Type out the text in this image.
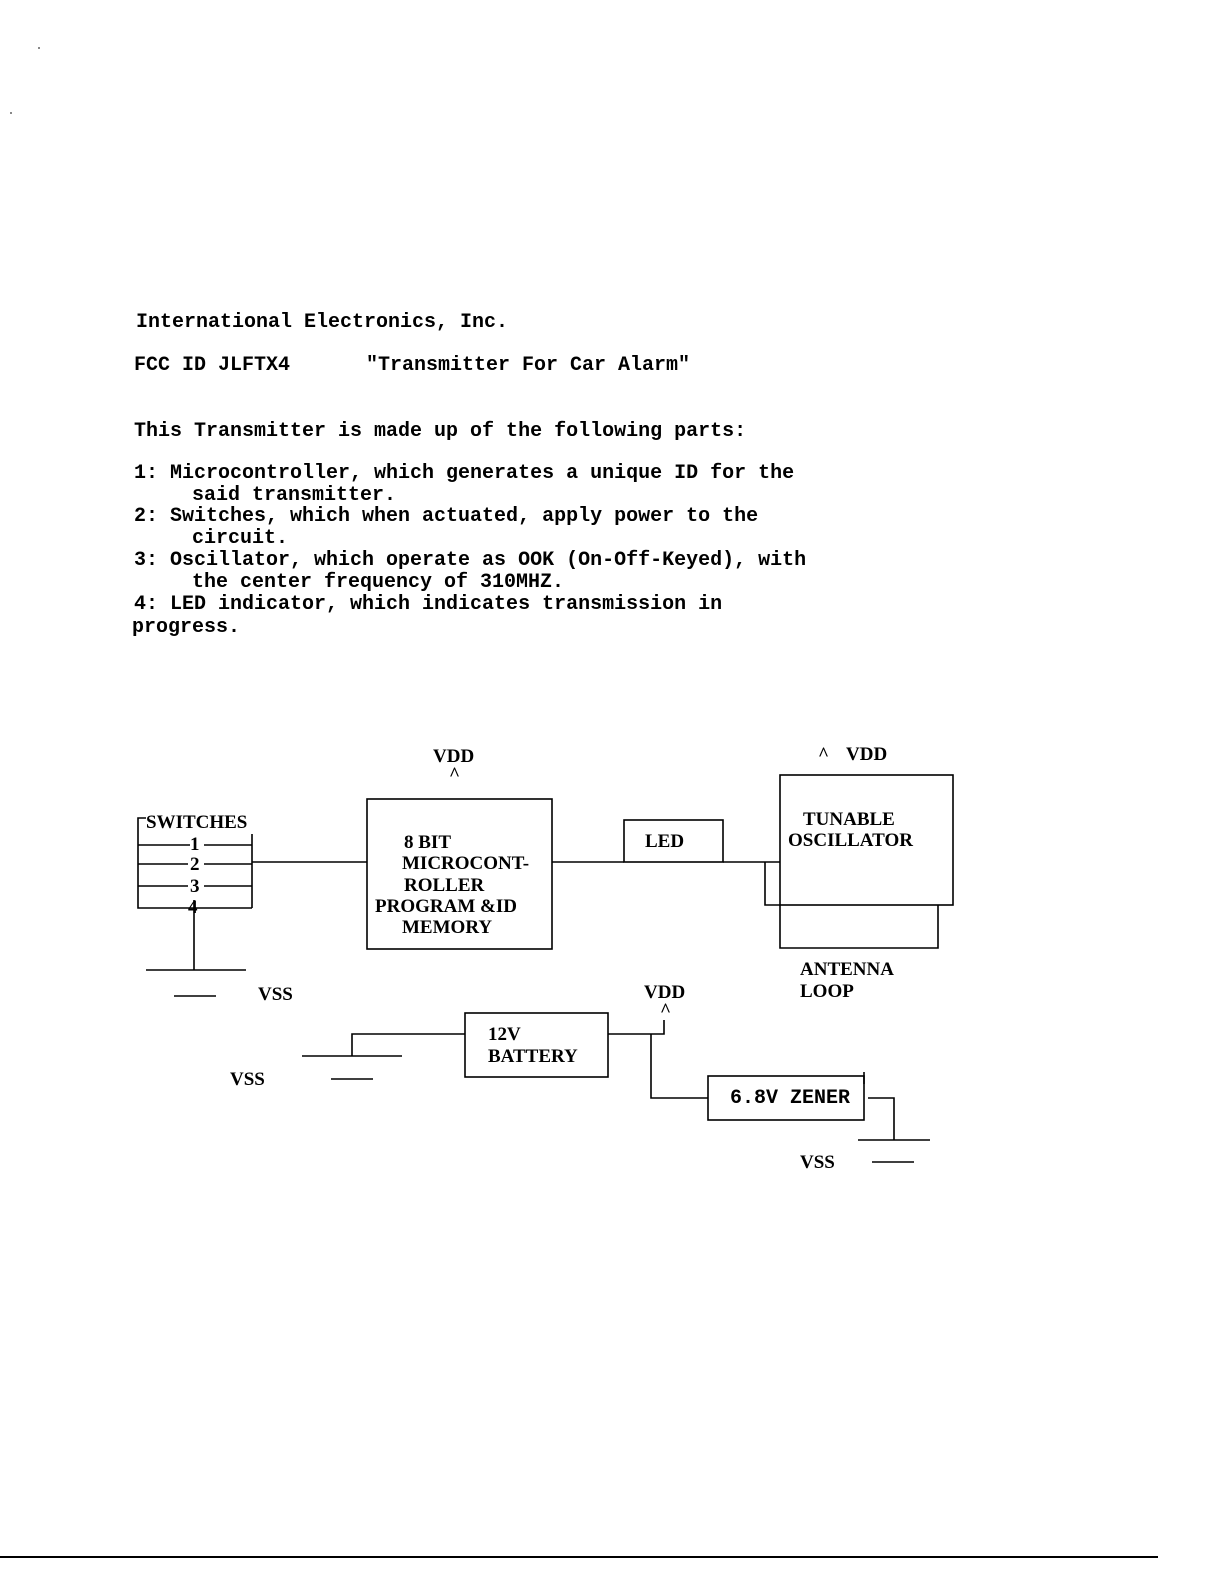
International Electronics, Inc.

FCC ID JLFTX4

	"Transmitter For Car Alarm"

This Transmitter is made up of the following parts:

1: Microcontroller, which generates a unique ID for the

said transmitter.

2: Switches, which when actuated, apply power to the

circuit.

3: Oscillator, which operate as OOK (On-Off-Keyed), with

the center frequency of 310MHZ.

4: LED indicator, which indicates transmission in

progress.

VDD
^
^ VDD
SWITCHES
1
2
3
4
VSS
8 BIT
MICROCONT-
ROLLER
PROGRAM &ID
MEMORY
LED
TUNABLE
OSCILLATOR
ANTENNA
LOOP
VDD
^
12V
BATTERY
VSS
6.8V ZENER
VSS
